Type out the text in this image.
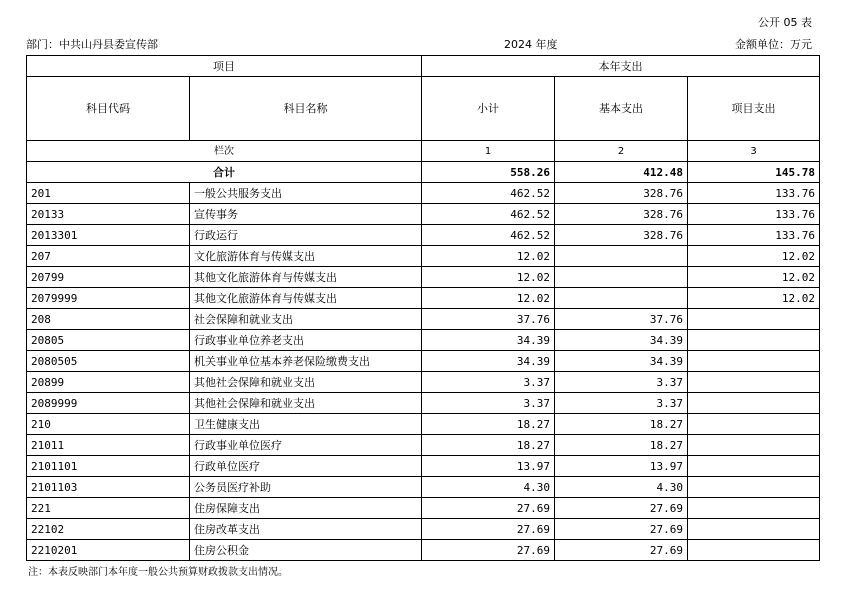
公开 05 表
部门：中共山丹县委宣传部	2024 年度	金额单位：万元
项目		本年支出		
科目代码	科目名称	小计	基本支出	项目支出
栏次		1	2	3
合计		558.26	412.48	145.78
201	一般公共服务支出	462.52	328.76	133.76
20133	宣传事务	462.52	328.76	133.76
2013301	行政运行	462.52	328.76	133.76
207	文化旅游体育与传媒支出	12.02		12.02
20799	其他文化旅游体育与传媒支出	12.02		12.02
2079999	其他文化旅游体育与传媒支出	12.02		12.02
208	社会保障和就业支出	37.76	37.76	
20805	行政事业单位养老支出	34.39	34.39	
2080505	机关事业单位基本养老保险缴费支出	34.39	34.39	
20899	其他社会保障和就业支出	3.37	3.37	
2089999	其他社会保障和就业支出	3.37	3.37	
210	卫生健康支出	18.27	18.27	
21011	行政事业单位医疗	18.27	18.27	
2101101	行政单位医疗	13.97	13.97	
2101103	公务员医疗补助	4.30	4.30	
221	住房保障支出	27.69	27.69	
22102	住房改革支出	27.69	27.69	
2210201	住房公积金	27.69	27.69	
注：本表反映部门本年度一般公共预算财政拨款支出情况。
